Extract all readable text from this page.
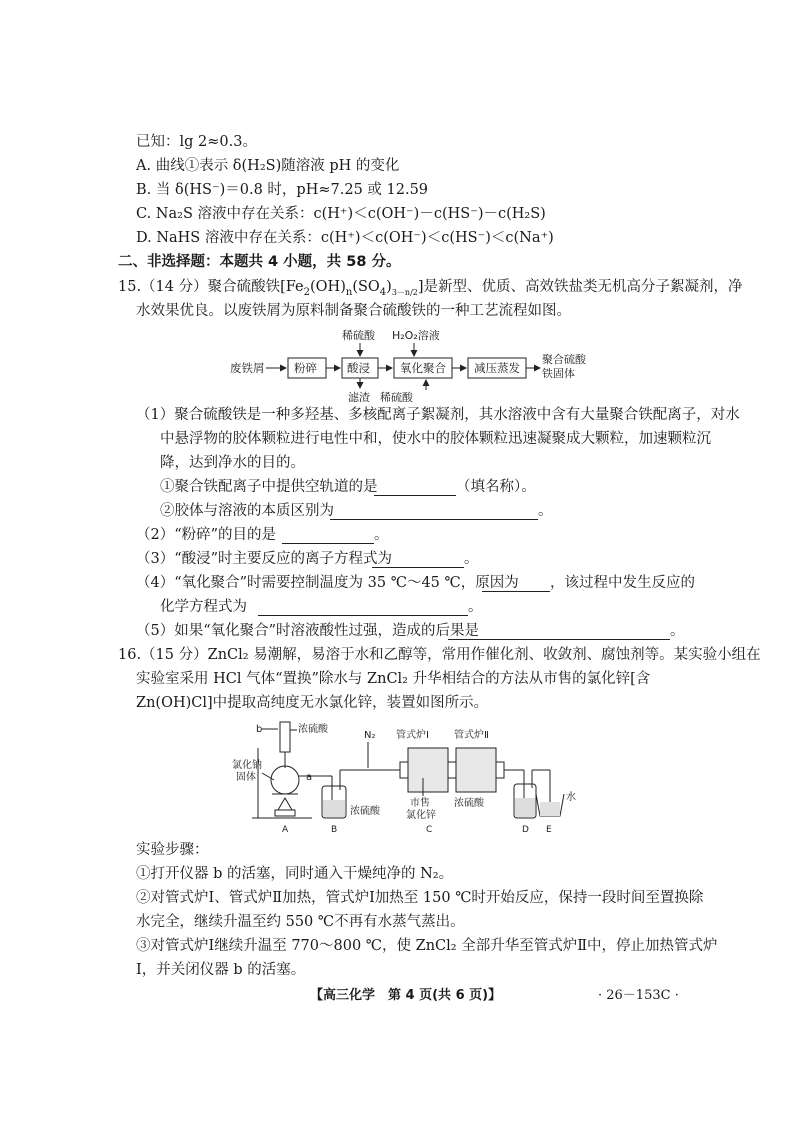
已知：lg 2≈0.3。
A. 曲线①表示 δ(H₂S)随溶液 pH 的变化
B. 当 δ(HS⁻)＝0.8 时，pH≈7.25 或 12.59
C. Na₂S 溶液中存在关系：c(H⁺)＜c(OH⁻)－c(HS⁻)－c(H₂S)
D. NaHS 溶液中存在关系：c(H⁺)＜c(OH⁻)＜c(HS⁻)＜c(Na⁺)
二、非选择题：本题共 4 小题，共 58 分。
15.（14 分）聚合硫酸铁$[Fe_2(OH)_n(SO_4)_{3-n/2}]$是新型、优质、高效铁盐类无机高分子絮凝剂，净
水效果优良。以废铁屑为原料制备聚合硫酸铁的一种工艺流程如图。
废铁屑	粉碎	酸浸
稀硫酸
滤渣
氧化聚合
H₂O₂溶液
稀硫酸
减压蒸发
聚合硫酸
铁固体
（1）聚合硫酸铁是一种多羟基、多核配离子絮凝剂，其水溶液中含有大量聚合铁配离子，对水
中悬浮物的胶体颗粒进行电性中和，使水中的胶体颗粒迅速凝聚成大颗粒，加速颗粒沉
降，达到净水的目的。
①聚合铁配离子中提供空轨道的是	（填名称）。
②胶体与溶液的本质区别为	。
（2）“粉碎”的目的是	。
（3）“酸浸”时主要反应的离子方程式为	。
（4）“氧化聚合”时需要控制温度为 35 ℃～45 ℃，原因为 ，该过程中发生反应的
化学方程式为	。
（5）如果“氧化聚合”时溶液酸性过强，造成的后果是	。
16.（15 分）ZnCl₂ 易潮解，易溶于水和乙醇等，常用作催化剂、收敛剂、腐蚀剂等。某实验小组在
实验室采用 HCl 气体“置换”除水与 ZnCl₂ 升华相结合的方法从市售的氯化锌[含
Zn(OH)Cl]中提取高纯度无水氯化锌，装置如图所示。
b	浓硫酸
氯化钠
固体	a
浓硫酸
N₂ 管式炉Ⅰ	管式炉Ⅱ
市售
氯化锌
浓硫酸
水
A	B	C	D E
实验步骤：
①打开仪器 b 的活塞，同时通入干燥纯净的 N₂。
②对管式炉Ⅰ、管式炉Ⅱ加热，管式炉Ⅰ加热至 150 ℃时开始反应，保持一段时间至置换除
水完全，继续升温至约 550 ℃不再有水蒸气蒸出。
③对管式炉Ⅰ继续升温至 770～800 ℃，使 ZnCl₂ 全部升华至管式炉Ⅱ中，停止加热管式炉
Ⅰ，并关闭仪器 b 的活塞。
【高三化学　第 4 页(共 6 页)】	· 26－153C ·
